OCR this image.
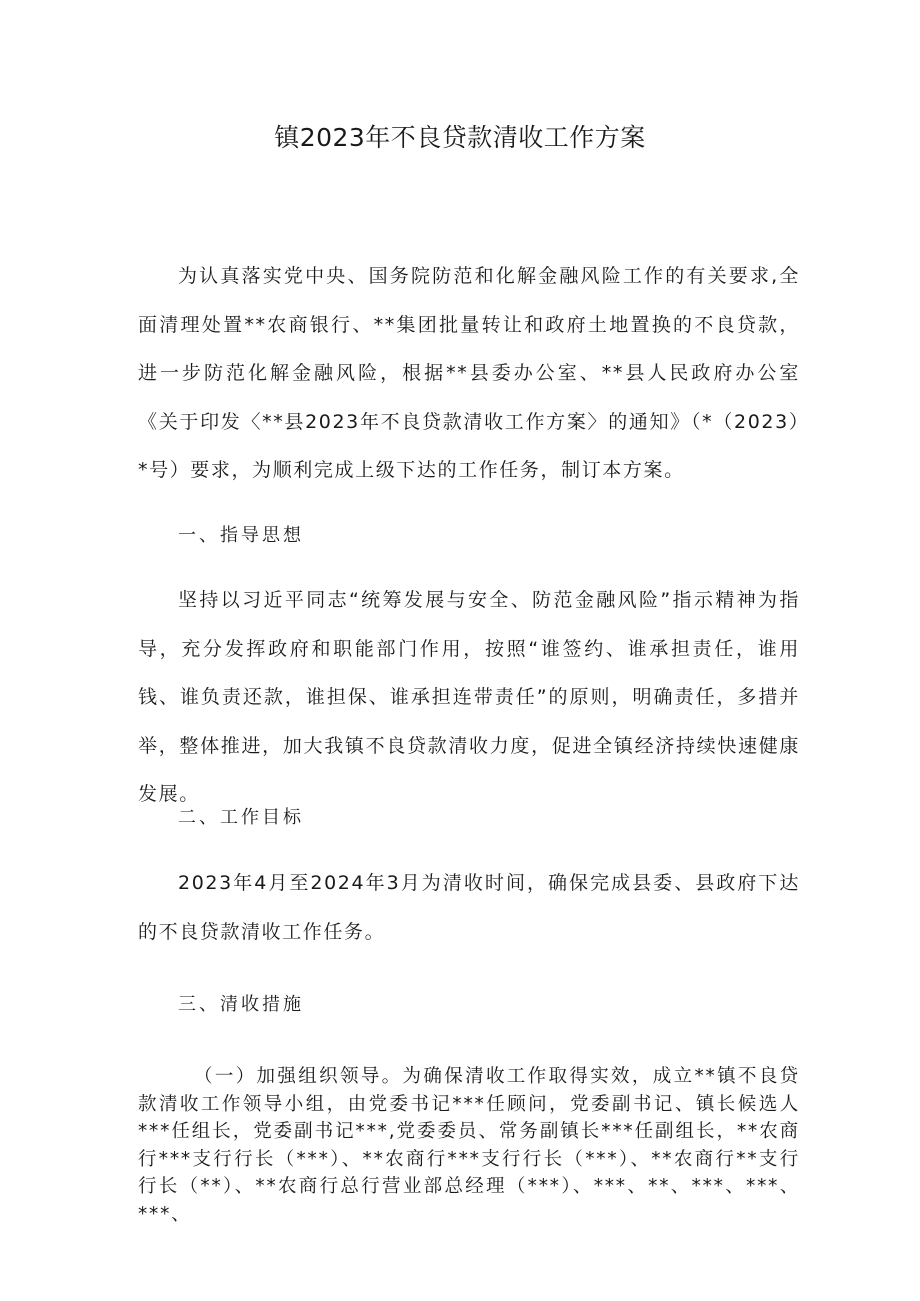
镇2023年不良贷款清收工作方案

为认真落实党中央、国务院防范和化解金融风险工作的有关要求,全面清理处置**农商银行、**集团批量转让和政府土地置换的不良贷款，进一步防范化解金融风险，根据**县委办公室、**县人民政府办公室《关于印发〈**县2023年不良贷款清收工作方案〉的通知》（*（2023）*号）要求，为顺利完成上级下达的工作任务，制订本方案。

一、指导思想

坚持以习近平同志“统筹发展与安全、防范金融风险”指示精神为指导，充分发挥政府和职能部门作用，按照“谁签约、谁承担责任，谁用钱、谁负责还款，谁担保、谁承担连带责任”的原则，明确责任，多措并举，整体推进，加大我镇不良贷款清收力度，促进全镇经济持续快速健康发展。

二、工作目标

2023年4月至2024年3月为清收时间，确保完成县委、县政府下达的不良贷款清收工作任务。

三、清收措施

（一）加强组织领导。为确保清收工作取得实效，成立**镇不良贷款清收工作领导小组，由党委书记***任顾问，党委副书记、镇长候选人***任组长，党委副书记***,党委委员、常务副镇长***任副组长，**农商行***支行行长（***）、**农商行***支行行长（***）、**农商行**支行行长（**）、**农商行总行营业部总经理（***）、***、**、***、***、***、
